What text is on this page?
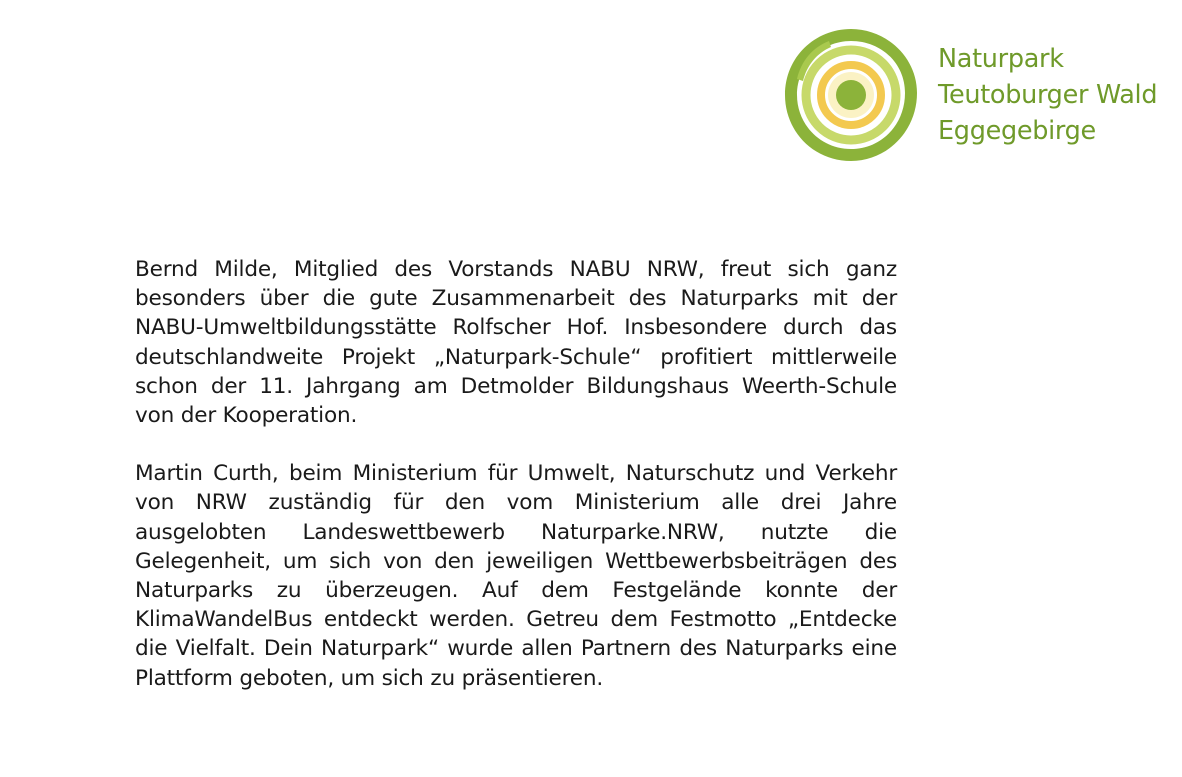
Naturpark
Teutoburger Wald
Eggegebirge

Bernd Milde, Mitglied des Vorstands NABU NRW, freut sich ganz besonders über die gute Zusammenarbeit des Naturparks mit der NABU-Umweltbildungsstätte Rolfscher Hof. Insbesondere durch das deutschlandweite Projekt „Naturpark-Schule“ profitiert mittlerweile schon der 11. Jahrgang am Detmolder Bildungshaus Weerth-Schule von der Kooperation.

Martin Curth, beim Ministerium für Umwelt, Naturschutz und Verkehr von NRW zuständig für den vom Ministerium alle drei Jahre ausgelobten Landeswettbewerb Naturparke.NRW, nutzte die Gelegenheit, um sich von den jeweiligen Wettbewerbsbeiträgen des Naturparks zu überzeugen. Auf dem Festgelände konnte der KlimaWandelBus entdeckt werden. Getreu dem Festmotto „Entdecke die Vielfalt. Dein Naturpark“ wurde allen Partnern des Naturparks eine Plattform geboten, um sich zu präsentieren.
